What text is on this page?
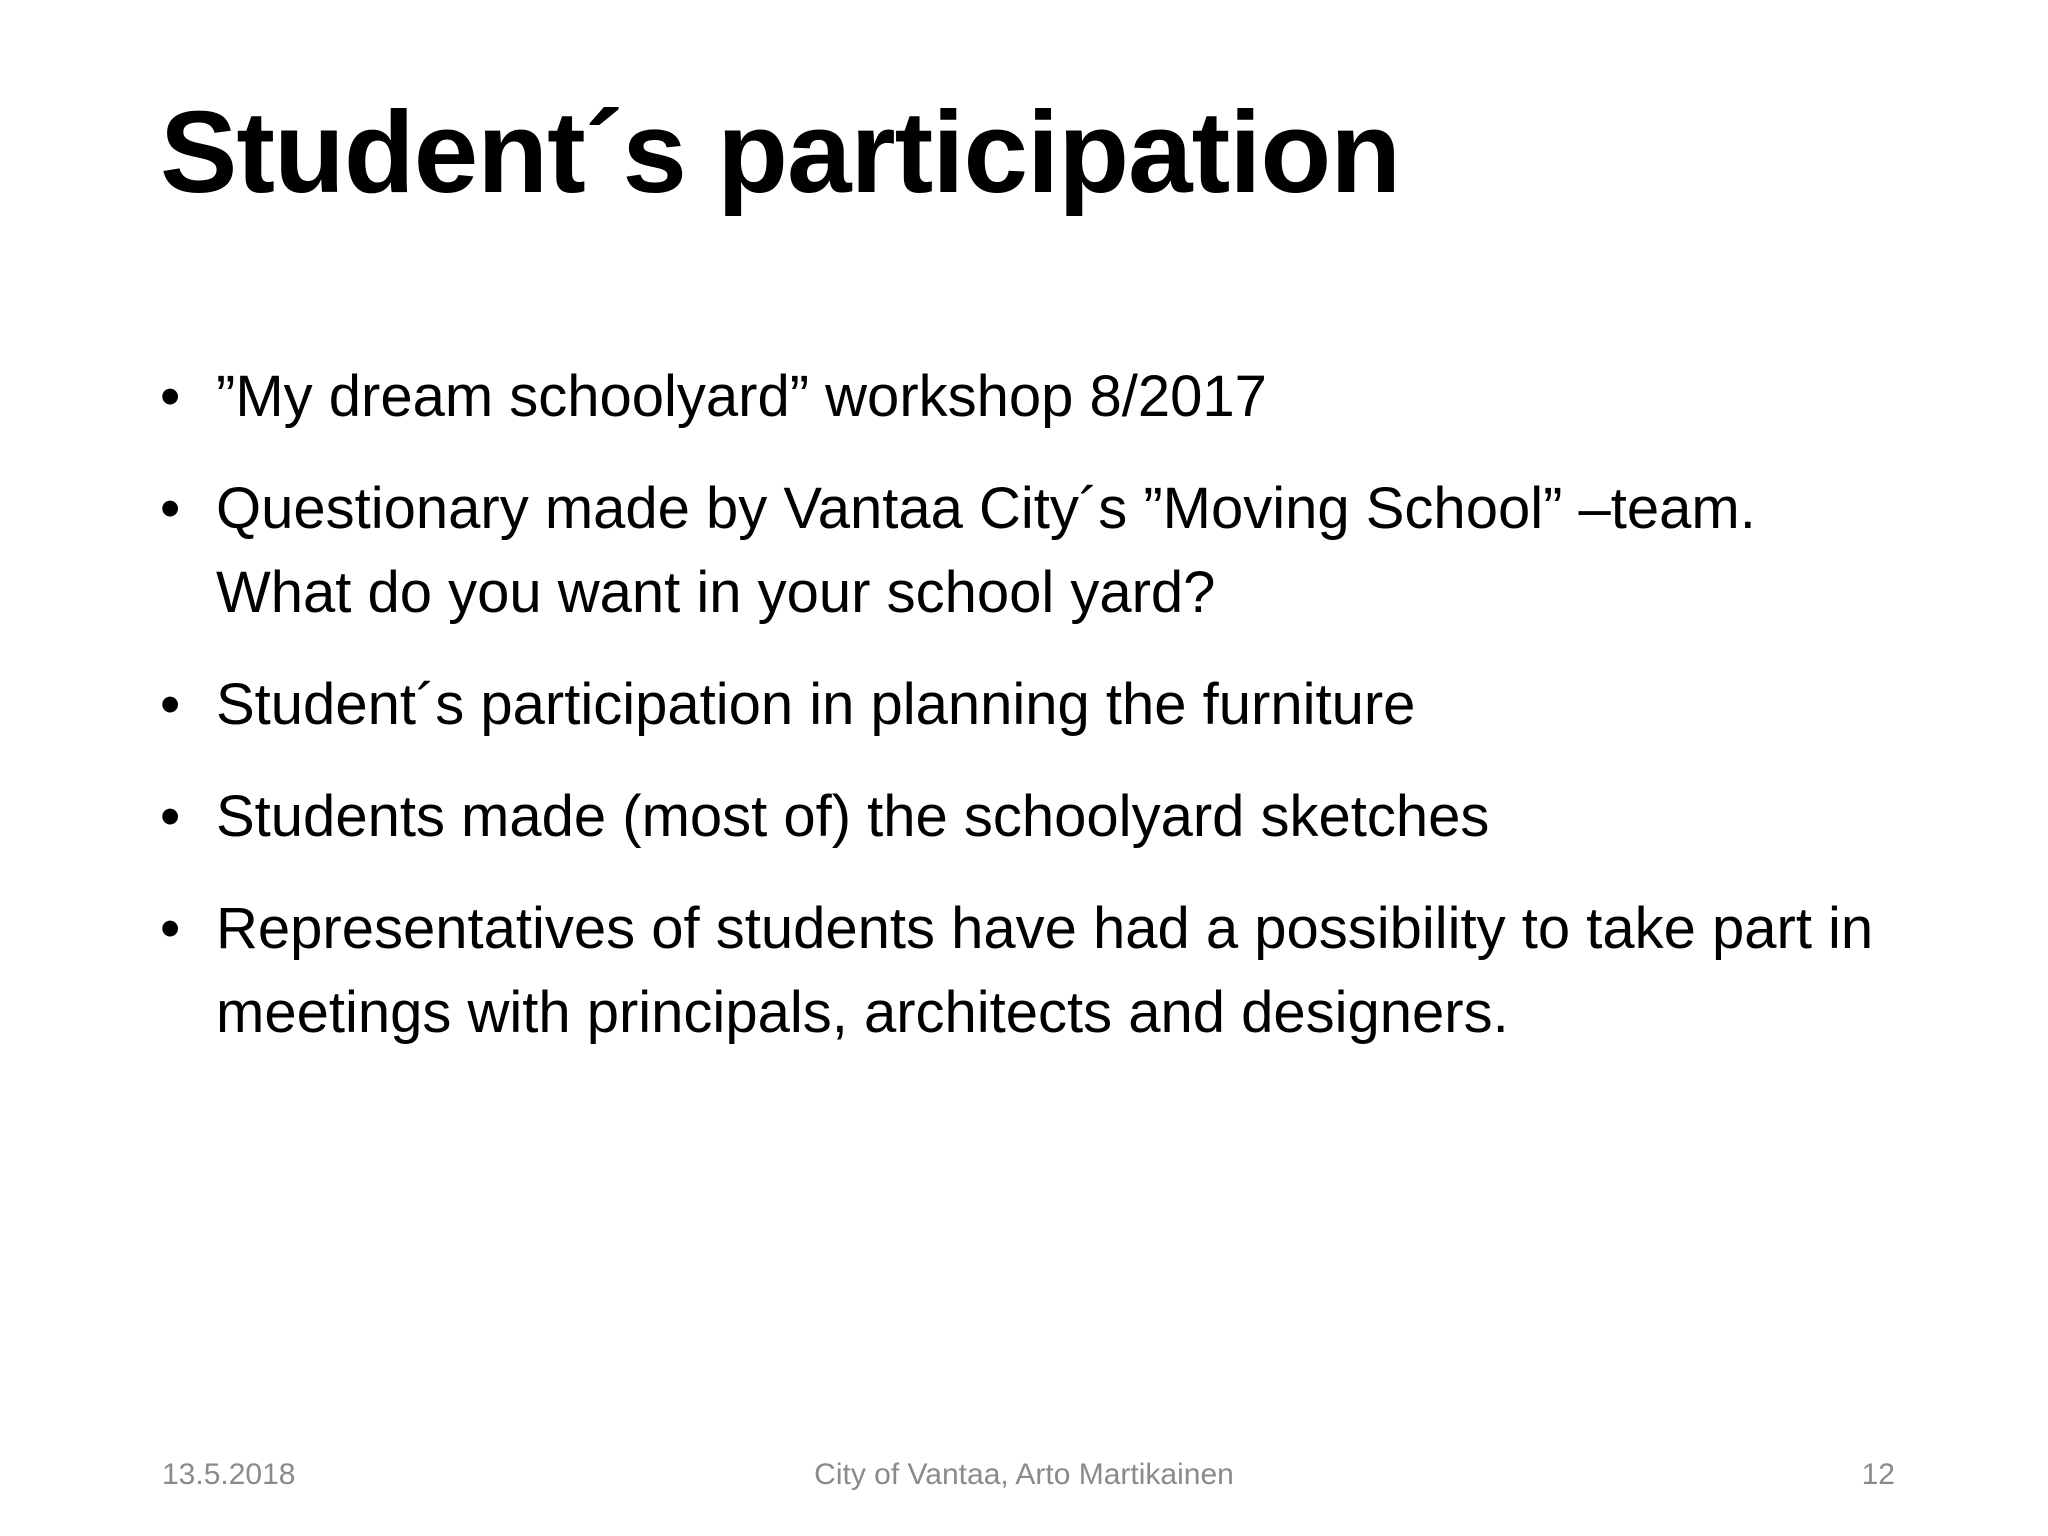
Student´s participation
• ”My dream schoolyard” workshop 8/2017
• Questionary made by Vantaa City´s ”Moving School” –team. What do you want in your school yard?
• Student´s participation in planning the furniture
• Students made (most of) the schoolyard sketches
• Representatives of students have had a possibility to take part in meetings with principals, architects and designers.
13.5.2018	City of Vantaa, Arto Martikainen	12
